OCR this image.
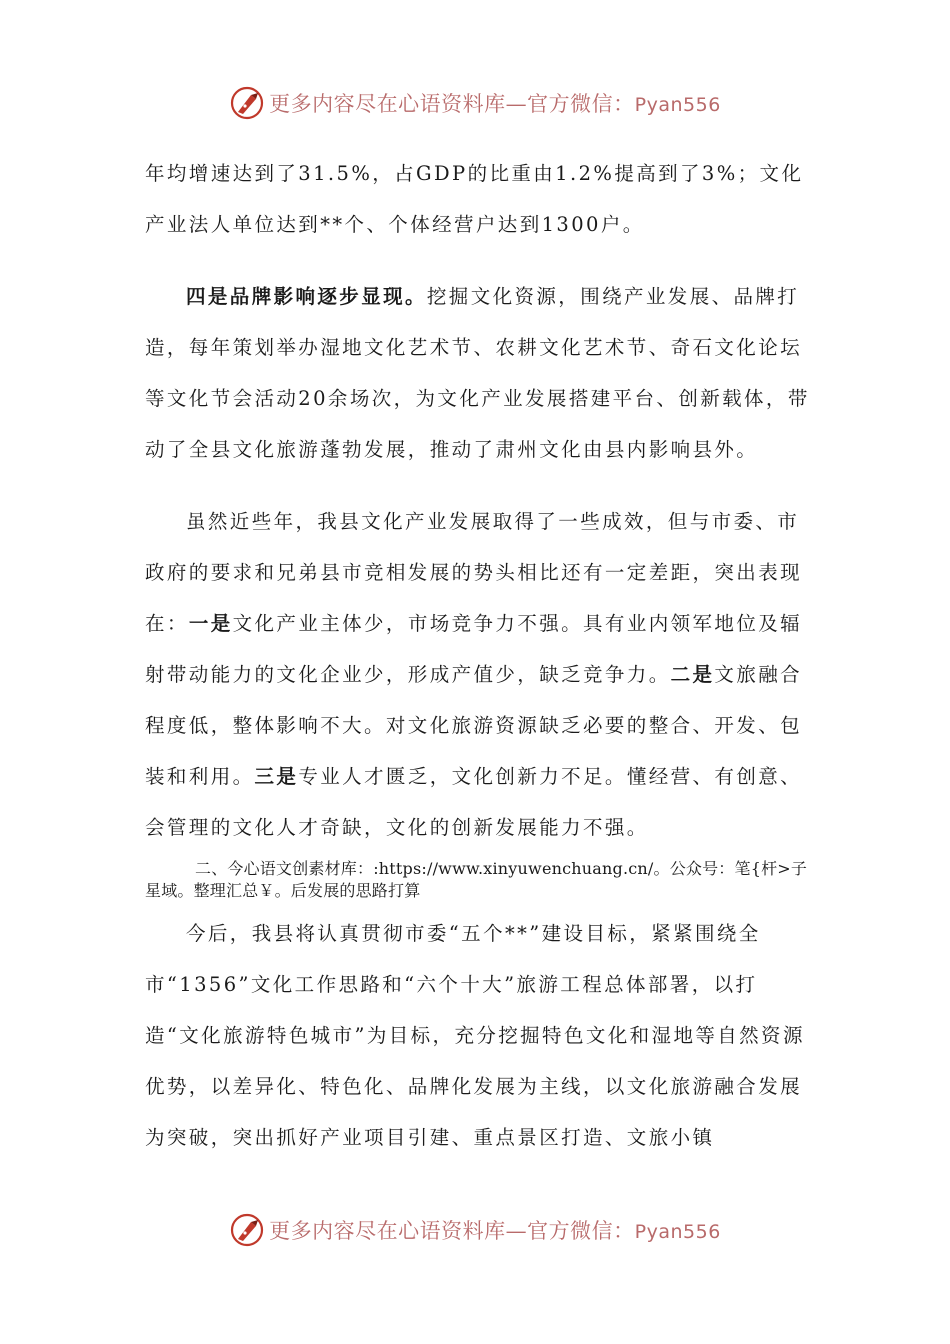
更多内容尽在心语资料库—官方微信：Pyan556

年均增速达到了31.5%，占GDP的比重由1.2%提高到了3%；文化产业法人单位达到**个、个体经营户达到1300户。

四是品牌影响逐步显现。挖掘文化资源，围绕产业发展、品牌打造，每年策划举办湿地文化艺术节、农耕文化艺术节、奇石文化论坛等文化节会活动20余场次，为文化产业发展搭建平台、创新载体，带动了全县文化旅游蓬勃发展，推动了肃州文化由县内影响县外。

虽然近些年，我县文化产业发展取得了一些成效，但与市委、市政府的要求和兄弟县市竞相发展的势头相比还有一定差距，突出表现在：一是文化产业主体少，市场竞争力不强。具有业内领军地位及辐射带动能力的文化企业少，形成产值少，缺乏竞争力。二是文旅融合程度低，整体影响不大。对文化旅游资源缺乏必要的整合、开发、包装和利用。三是专业人才匮乏，文化创新力不足。懂经营、有创意、会管理的文化人才奇缺，文化的创新发展能力不强。

二、今心语文创素材库：:https://www.xinyuwenchuang.cn/。公众号：笔{杆>子星域。整理汇总￥。后发展的思路打算

今后，我县将认真贯彻市委“五个**”建设目标，紧紧围绕全市“1356”文化工作思路和“六个十大”旅游工程总体部署，以打造“文化旅游特色城市”为目标，充分挖掘特色文化和湿地等自然资源优势，以差异化、特色化、品牌化发展为主线，以文化旅游融合发展为突破，突出抓好产业项目引建、重点景区打造、文旅小镇

更多内容尽在心语资料库—官方微信：Pyan556
